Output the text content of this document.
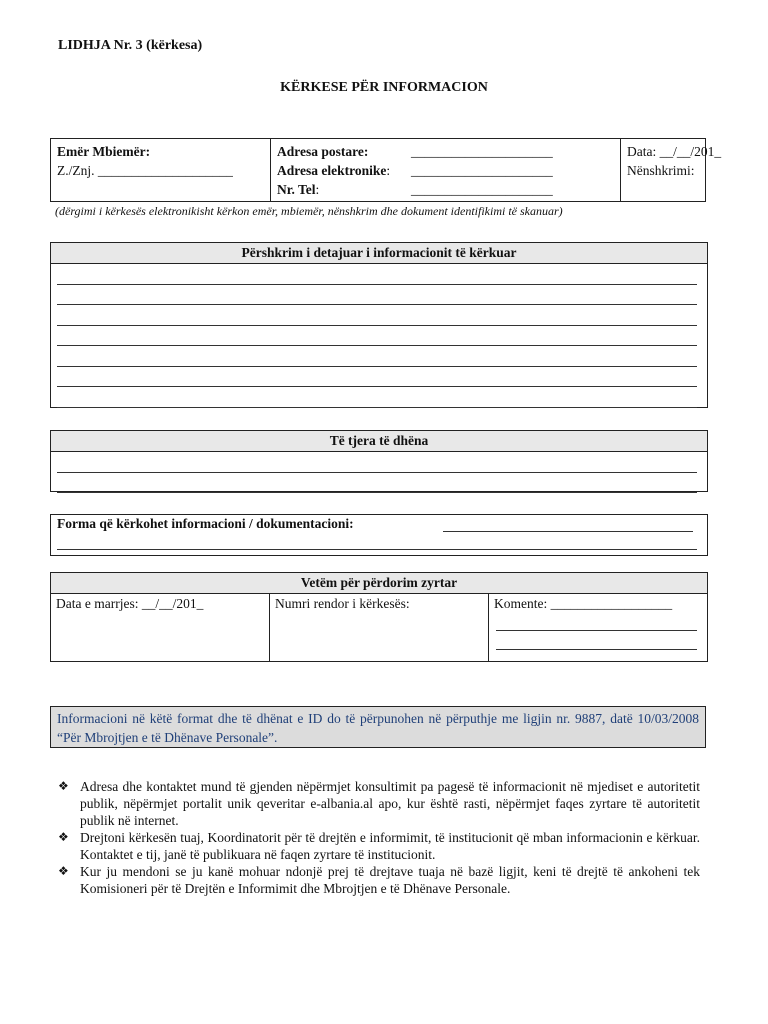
LIDHJA Nr. 3 (kërkesa)
KËRKESE PËR INFORMACION
Emër Mbiemër:
Z./Znj. ____________________
Adresa postare:	_____________________
Adresa elektronike: _____________________
Nr. Tel:	_____________________
Data: __/__/201_
Nënshkrimi:
(dërgimi i kërkesës elektronikisht kërkon emër, mbiemër, nënshkrim dhe dokument identifikimi të skanuar)
Përshkrim i detajuar i informacionit të kërkuar
Të tjera të dhëna
Forma që kërkohet informacioni / dokumentacioni:
Vetëm për përdorim zyrtar
Data e marrjes: __/__/201_	Numri rendor i kërkesës:	Komente: __________________
Informacioni në këtë format dhe të dhënat e ID do të përpunohen në përputhje me ligjin nr. 9887, datë 10/03/2008 “Për Mbrojtjen e të Dhënave Personale”.
❖ Adresa dhe kontaktet mund të gjenden nëpërmjet konsultimit pa pagesë të informacionit në mjediset e autoritetit publik, nëpërmjet portalit unik qeveritar e-albania.al apo, kur është rasti, nëpërmjet faqes zyrtare të autoritetit publik në internet.
❖ Drejtoni kërkesën tuaj, Koordinatorit për të drejtën e informimit, të institucionit që mban informacionin e kërkuar. Kontaktet e tij, janë të publikuara në faqen zyrtare të institucionit.
❖ Kur ju mendoni se ju kanë mohuar ndonjë prej të drejtave tuaja në bazë ligjit, keni të drejtë të ankoheni tek Komisioneri për të Drejtën e Informimit dhe Mbrojtjen e të Dhënave Personale.
